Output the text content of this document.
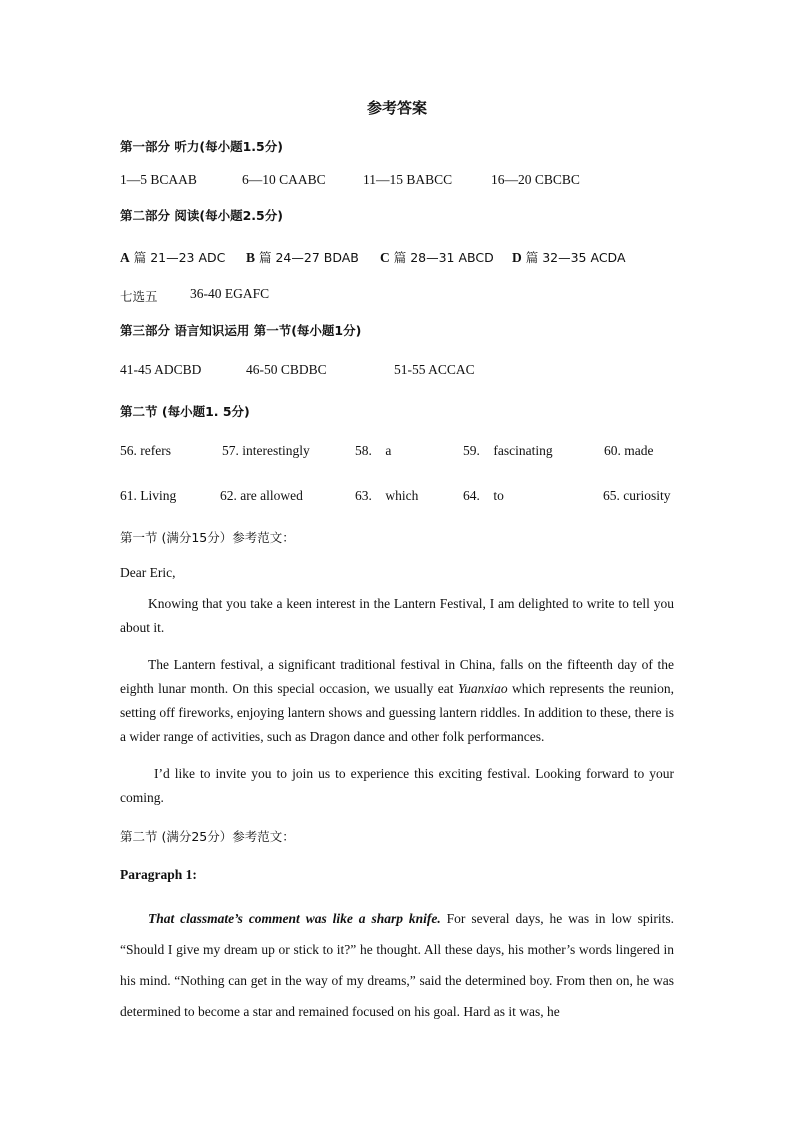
参考答案
第一部分 听力(每小题1.5分)
1—5 BCAAB	6—10 CAABC	11—15 BABCC	16—20 CBCBC
第二部分 阅读(每小题2.5分)
A 篇 21—23 ADC B 篇 24—27 BDAB C 篇 28—31 ABCD D 篇 32—35 ACDA
七选五 36-40 EGAFC
第三部分 语言知识运用 第一节(每小题1分)
41-45 ADCBD	46-50 CBDBC	51-55 ACCAC
第二节 (每小题1. 5分)
56. refers	57. interestingly	58.    a	59.    fascinating	60. made
61. Living	62. are allowed	63.    which	64.    to	65. curiosity
第一节 (满分15分）参考范文：
Dear Eric,
Knowing that you take a keen interest in the Lantern Festival, I am delighted to write to tell you about it.
The Lantern festival, a significant traditional festival in China, falls on the fifteenth day of the eighth lunar month. On this special occasion, we usually eat Yuanxiao which represents the reunion, setting off fireworks, enjoying lantern shows and guessing lantern riddles. In addition to these, there is a wider range of activities, such as Dragon dance and other folk performances.
I’d like to invite you to join us to experience this exciting festival. Looking forward to your coming.
第二节 (满分25分）参考范文：
Paragraph 1:
That classmate’s comment was like a sharp knife. For several days, he was in low spirits. “Should I give my dream up or stick to it?” he thought. All these days, his mother’s words lingered in his mind. “Nothing can get in the way of my dreams,” said the determined boy. From then on, he was determined to become a star and remained focused on his goal. Hard as it was, he
